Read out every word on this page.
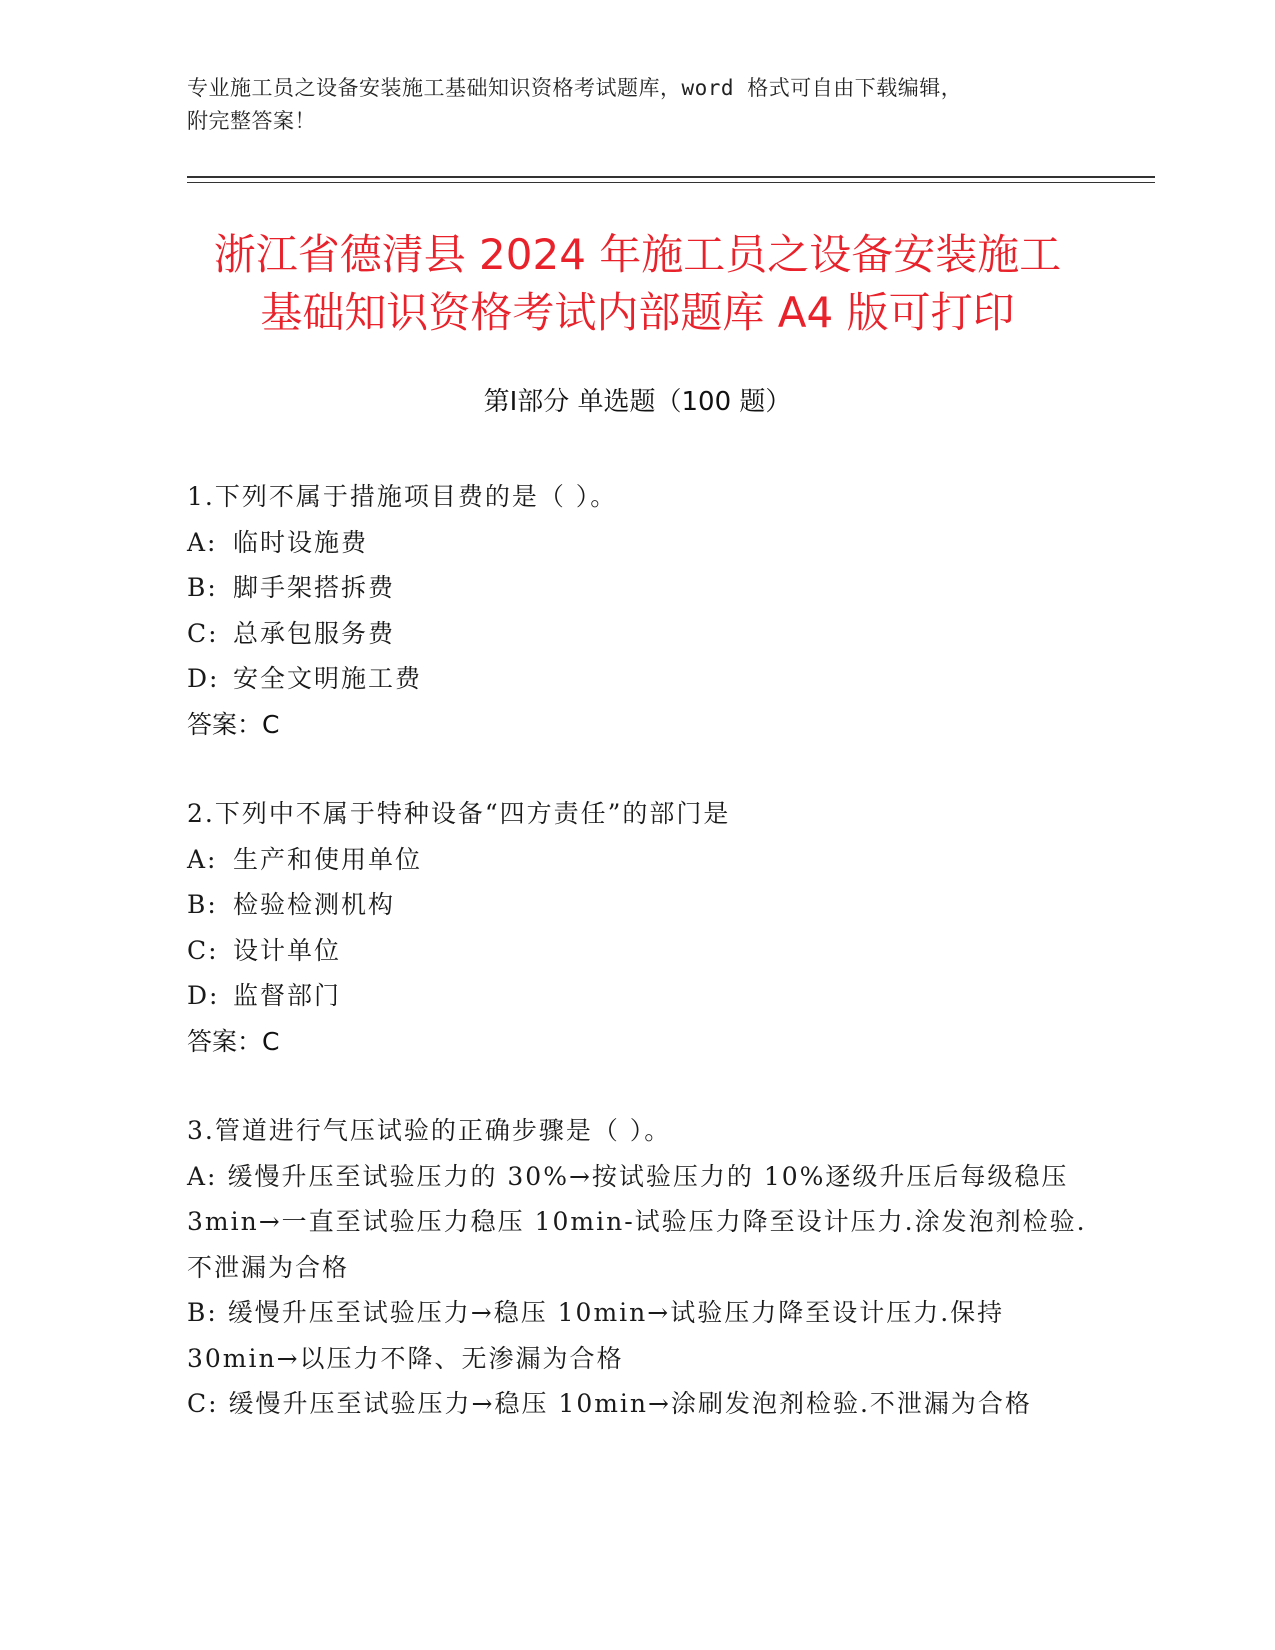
专业施工员之设备安装施工基础知识资格考试题库，word 格式可自由下载编辑，
附完整答案！
浙江省德清县 2024 年施工员之设备安装施工
基础知识资格考试内部题库 A4 版可打印
第Ⅰ部分 单选题（100 题）
1.下列不属于措施项目费的是（ ）。
A: 临时设施费
B: 脚手架搭拆费
C: 总承包服务费
D: 安全文明施工费
答案：C
2.下列中不属于特种设备“四方责任”的部门是
A: 生产和使用单位
B: 检验检测机构
C: 设计单位
D: 监督部门
答案：C
3.管道进行气压试验的正确步骤是（ ）。
A: 缓慢升压至试验压力的 30%→按试验压力的 10%逐级升压后每级稳压 3min→一直至试验压力稳压 10min-试验压力降至设计压力.涂发泡剂检验.不泄漏为合格
B: 缓慢升压至试验压力→稳压 10min→试验压力降至设计压力.保持 30min→以压力不降、无渗漏为合格
C: 缓慢升压至试验压力→稳压 10min→涂刷发泡剂检验.不泄漏为合格
